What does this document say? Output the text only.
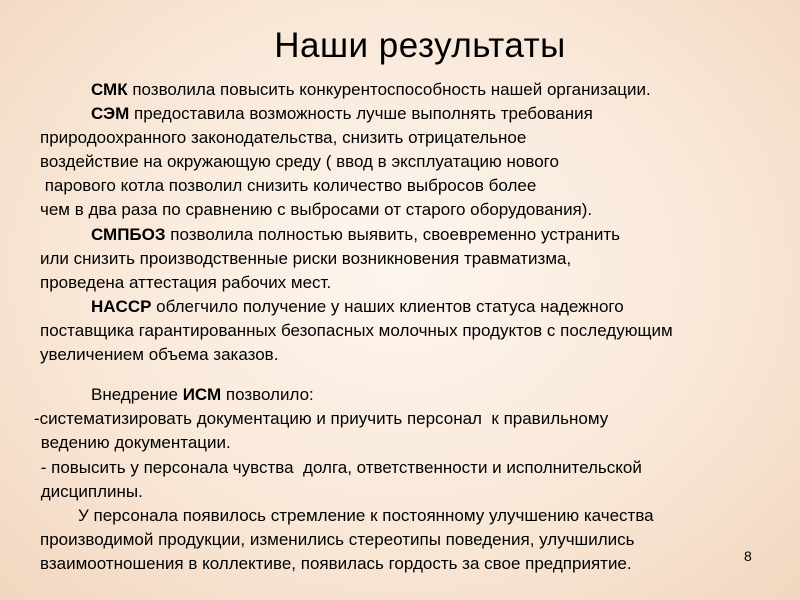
Наши результаты
СМК позволила повысить конкурентоспособность нашей организации.
СЭМ предоставила возможность лучше выполнять требования
природоохранного законодательства, снизить отрицательное
воздействие на окружающую среду ( ввод в эксплуатацию нового
парового котла позволил снизить количество выбросов более
чем в два раза по сравнению с выбросами от старого оборудования).
СМПБОЗ позволила полностью выявить, своевременно устранить
или снизить производственные риски возникновения травматизма,
проведена аттестация рабочих мест.
HACCP облегчило получение у наших клиентов статуса надежного
поставщика гарантированных безопасных молочных продуктов с последующим
увеличением объема заказов.
Внедрение ИСМ позволило:
-систематизировать документацию и приучить персонал  к правильному
ведению документации.
- повысить у персонала чувства  долга, ответственности и исполнительской
дисциплины.
У персонала появилось стремление к постоянному улучшению качества
производимой продукции, изменились стереотипы поведения, улучшились
взаимоотношения в коллективе, появилась гордость за свое предприятие.	8
